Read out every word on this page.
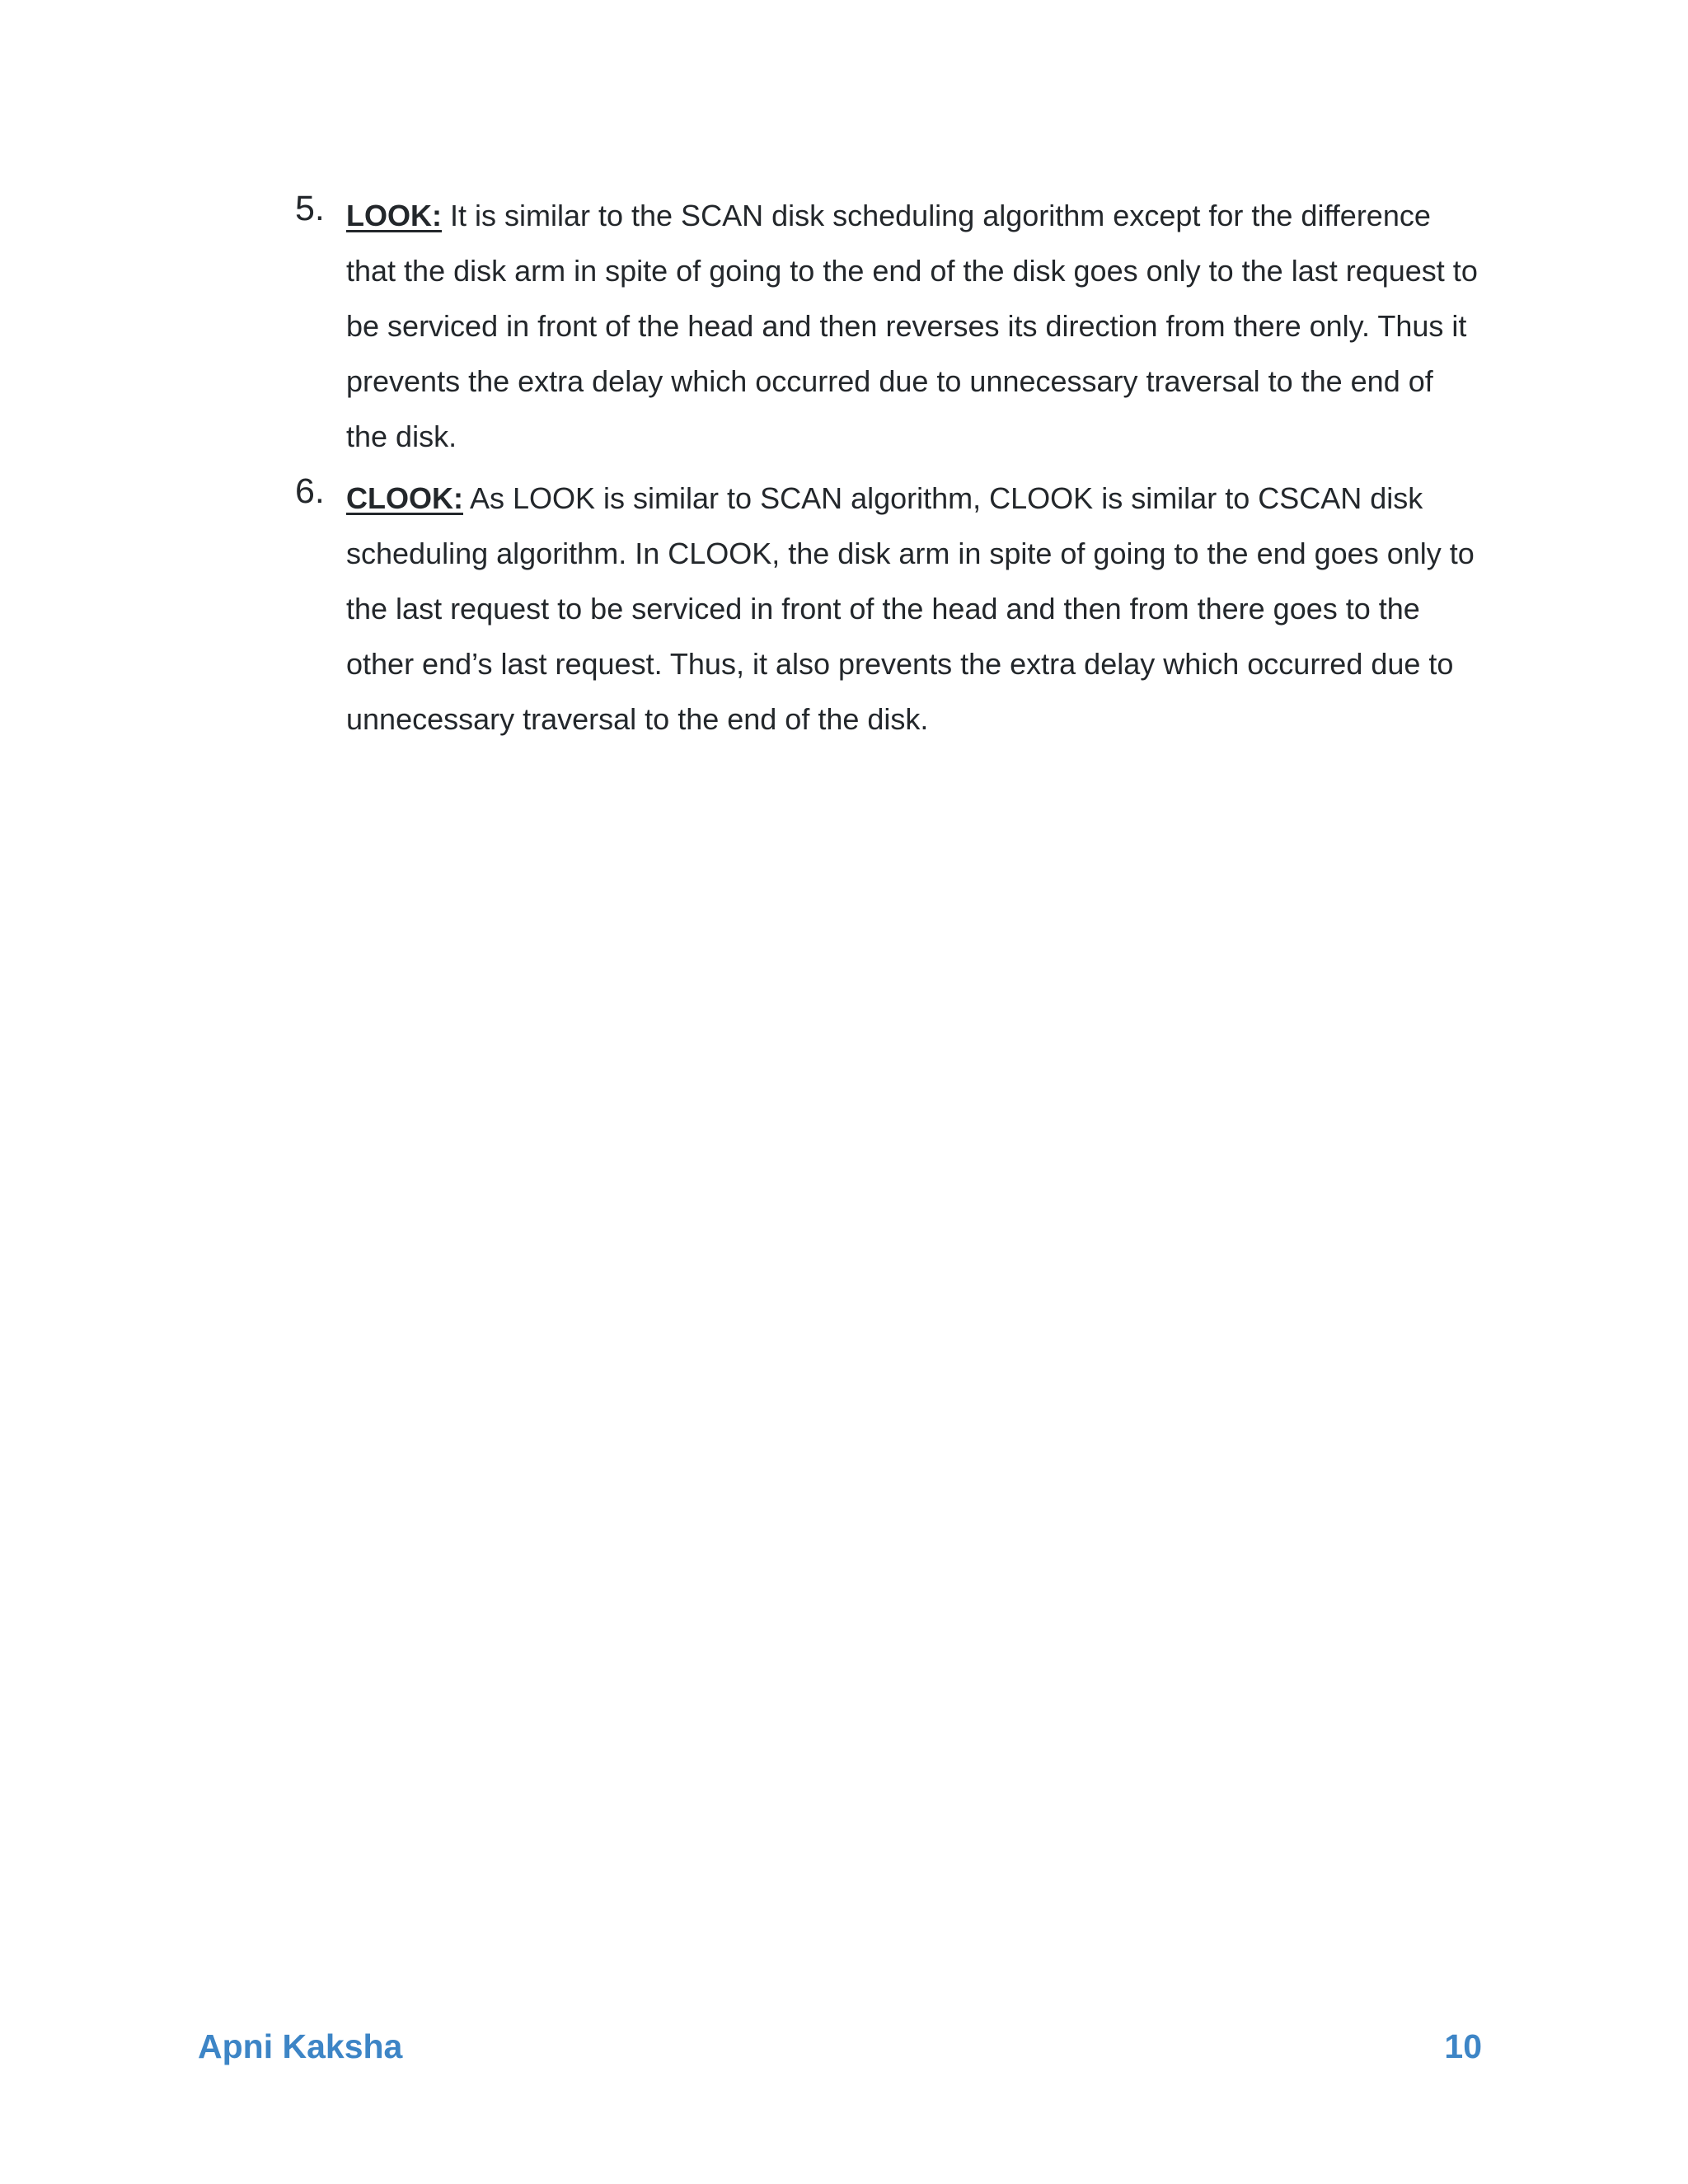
5. LOOK: It is similar to the SCAN disk scheduling algorithm except for the difference that the disk arm in spite of going to the end of the disk goes only to the last request to be serviced in front of the head and then reverses its direction from there only. Thus it prevents the extra delay which occurred due to unnecessary traversal to the end of the disk.

6. CLOOK: As LOOK is similar to SCAN algorithm, CLOOK is similar to CSCAN disk scheduling algorithm. In CLOOK, the disk arm in spite of going to the end goes only to the last request to be serviced in front of the head and then from there goes to the other end’s last request. Thus, it also prevents the extra delay which occurred due to unnecessary traversal to the end of the disk.

Apni Kaksha	10
